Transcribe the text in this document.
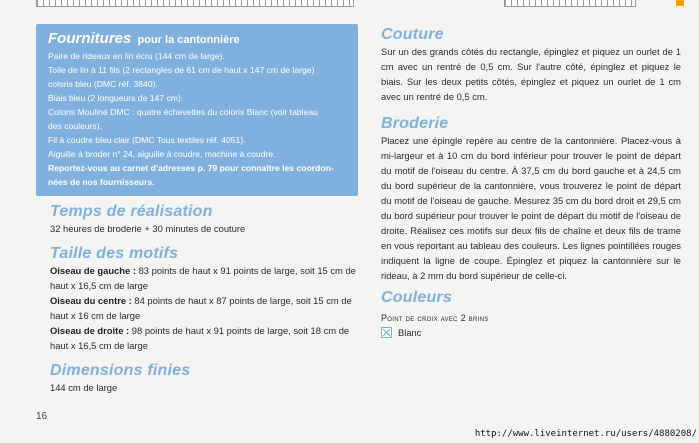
Fournitures pour la cantonnière

Paire de rideaux en lin écru (144 cm de large).

Toile de lin à 11 fils (2 rectangles de 61 cm de haut x 147 cm de large)

coloris bleu (DMC réf. 3840).

Biais bleu (2 longueurs de 147 cm).

Cotons Mouliné DMC : quatre échevettes du coloris Blanc (voir tableau

des couleurs).

Fil à coudre bleu clair (DMC Tous textiles réf. 4051).

Aiguille à broder n° 24, aiguille à coudre, machine à coudre.

Reportez-vous au carnet d'adresses p. 79 pour connaître les coordon-

nées de nos fournisseurs.

Temps de réalisation

32 heures de broderie + 30 minutes de couture

Taille des motifs

Oiseau de gauche : 83 points de haut x 91 points de large, soit 15 cm de haut x 16,5 cm de large

Oiseau du centre : 84 points de haut x 87 points de large, soit 15 cm de haut x 16 cm de large

Oiseau de droite : 98 points de haut x 91 points de large, soit 18 cm de haut x 16,5 cm de large

Dimensions finies

144 cm de large

Couture

Sur un des grands côtés du rectangle, épinglez et piquez un ourlet de 1 cm avec un rentré de 0,5 cm. Sur l'autre côté, épinglez et piquez le biais. Sur les deux petits côtés, épinglez et piquez un ourlet de 1 cm avec un rentré de 0,5 cm.

Broderie

Placez une épingle repère au centre de la cantonnière. Placez-vous à mi-largeur et à 10 cm du bord inférieur pour trouver le point de départ du motif de l'oiseau du centre. À 37,5 cm du bord gauche et à 24,5 cm du bord supérieur de la cantonnière, vous trouverez le point de départ du motif de l'oiseau de gauche. Mesurez 35 cm du bord droit et 29,5 cm du bord supérieur pour trouver le point de départ du motif de l'oiseau de droite. Réalisez ces motifs sur deux fils de chaîne et deux fils de trame en vous reportant au tableau des couleurs. Les lignes pointillées rouges indiquent la ligne de coupe. Épinglez et piquez la cantonnière sur le rideau, à 2 mm du bord supérieur de celle-ci.

Couleurs

Point de croix avec 2 brins

Blanc
16
http://www.liveinternet.ru/users/4880208/
